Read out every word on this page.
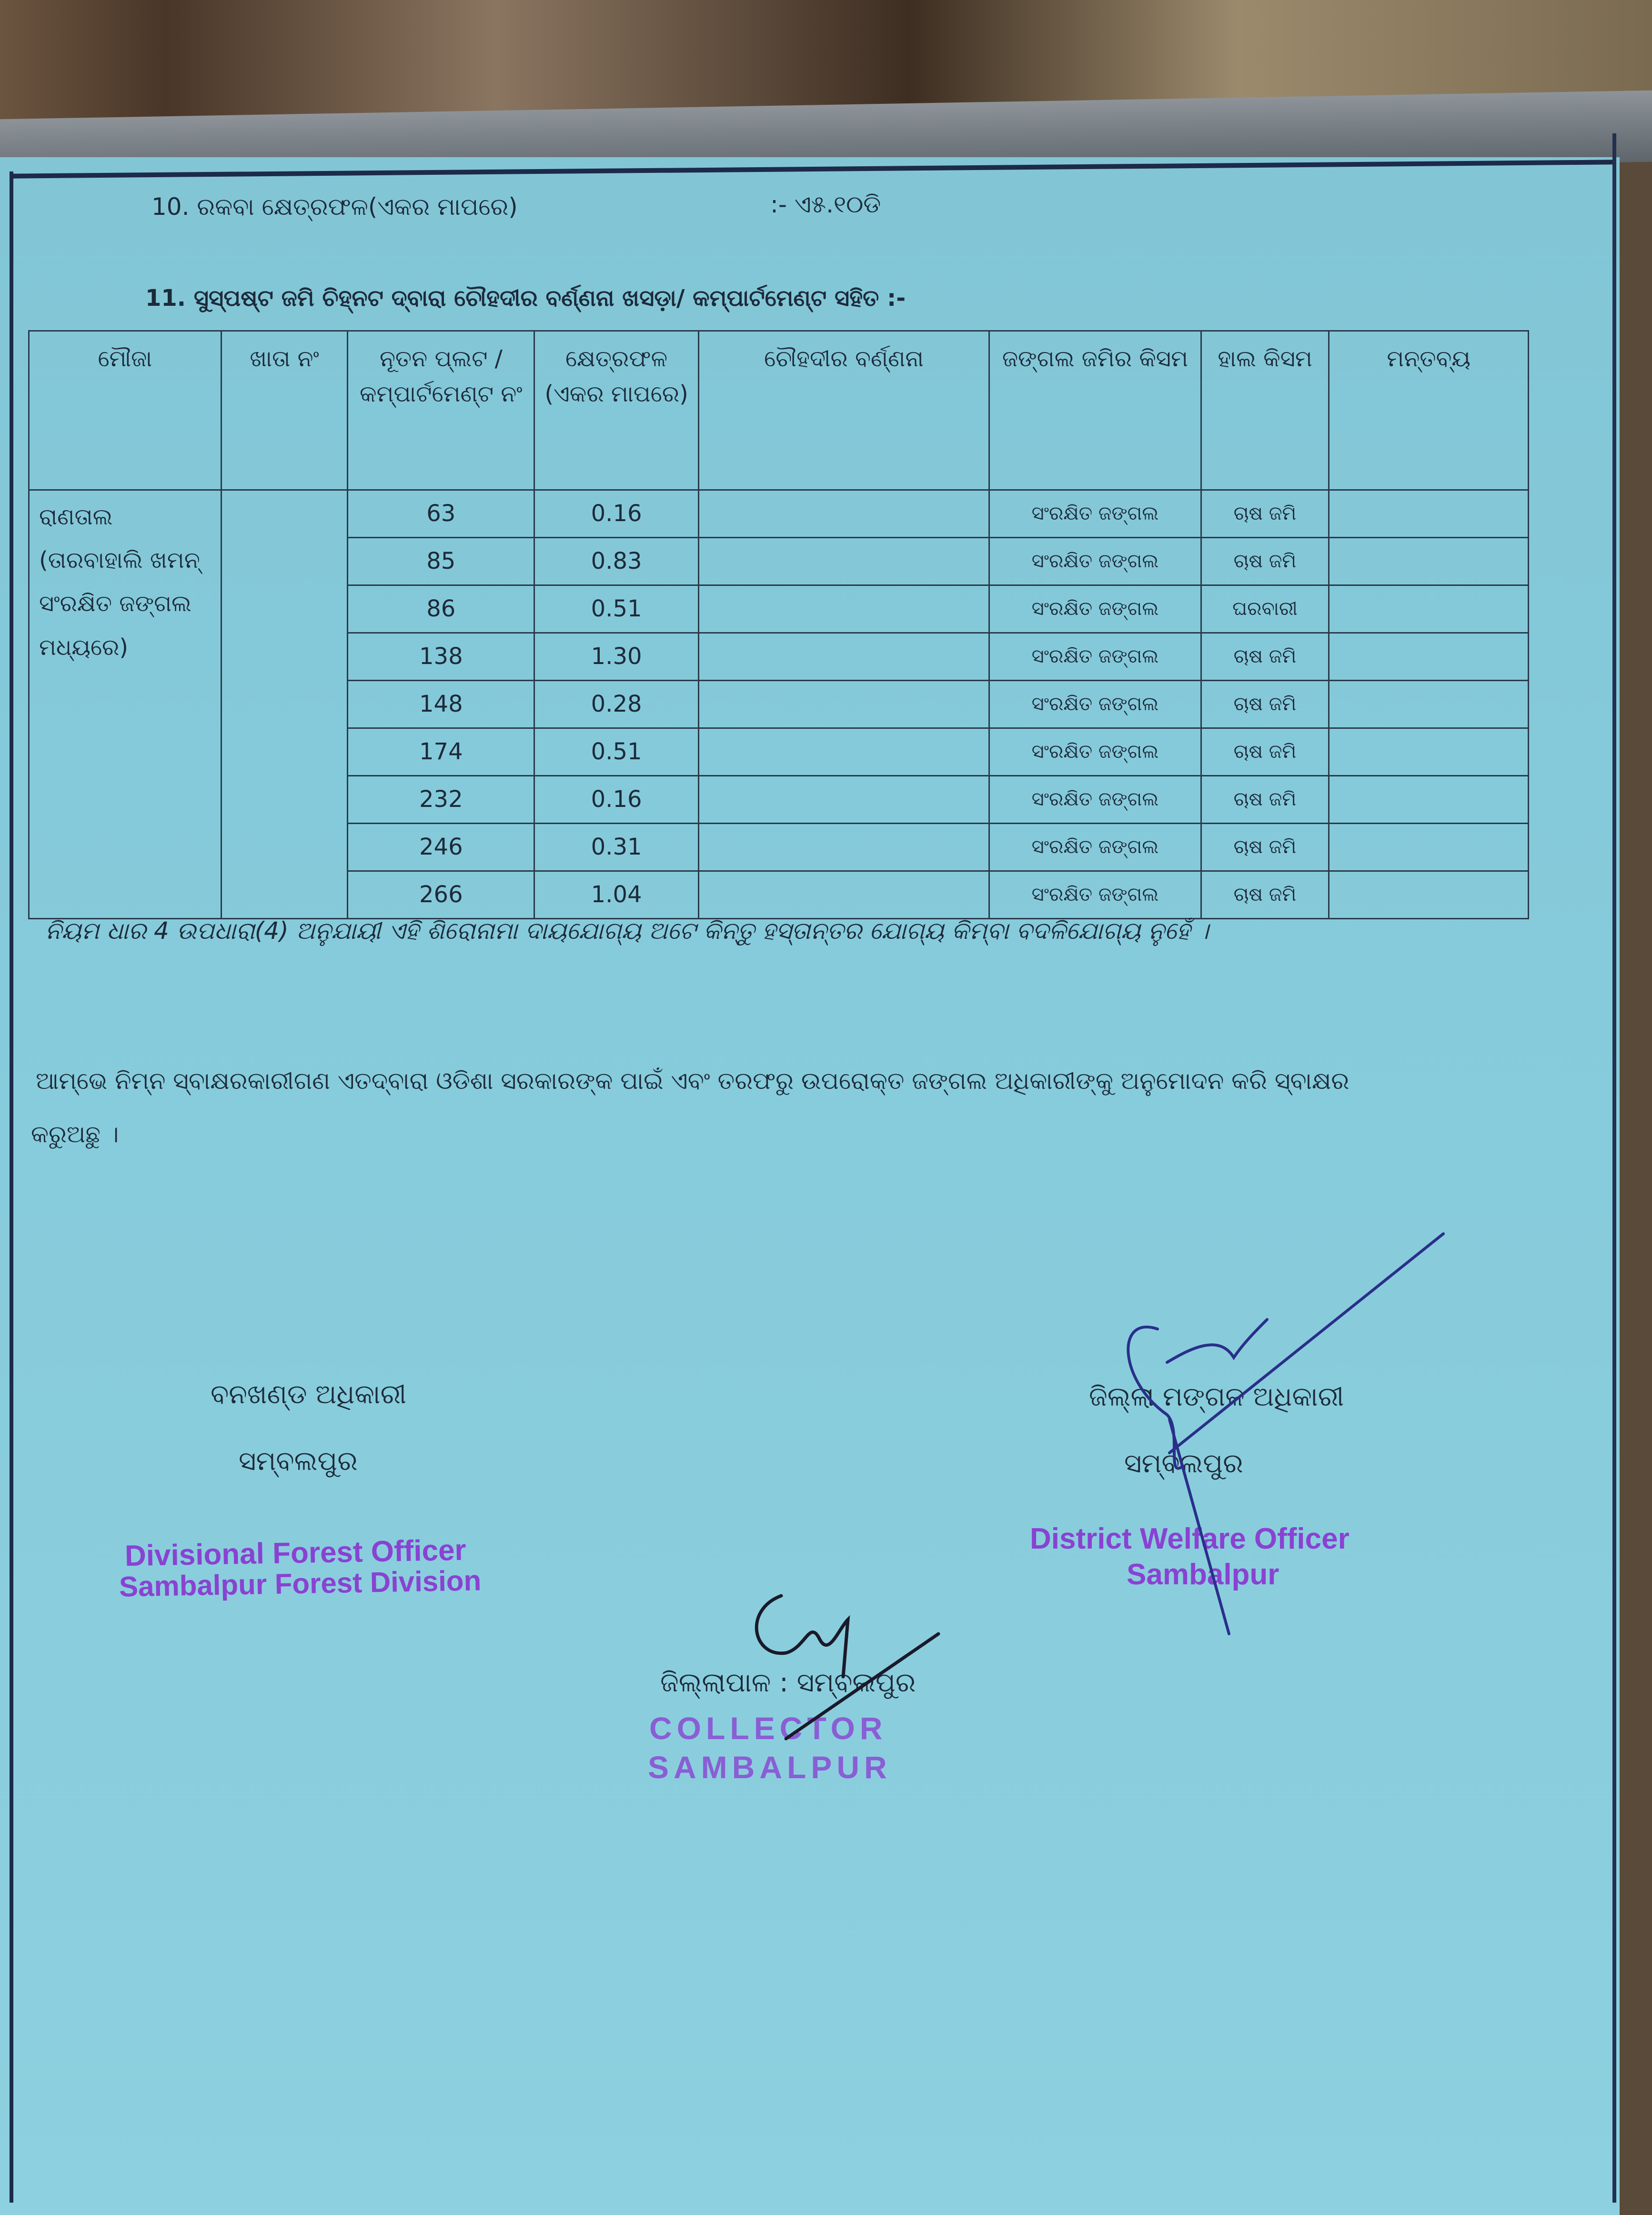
10. ରକବା କ୍ଷେତ୍ରଫଳ(ଏକର ମାପରେ)	:- ଏ୫.୧୦ଡି
11. ସୁସ୍ପଷ୍ଟ ଜମି ଚିହ୍ନଟ ଦ୍ବାରା ଚୌହଦୀର ବର୍ଣ୍ଣନା ଖସଡ଼ା/ କମ୍ପାର୍ଟମେଣ୍ଟ ସହିତ :-
ମୌଜା	ଖାତା ନଂ	ନୂତନ ପ୍ଲଟ / କମ୍ପାର୍ଟମେଣ୍ଟ ନଂ	କ୍ଷେତ୍ରଫଳ (ଏକର ମାପରେ)	ଚୌହଦୀର ବର୍ଣ୍ଣନା	ଜଙ୍ଗଲ ଜମିର କିସମ	ହାଲ କିସମ	ମନ୍ତବ୍ୟ
ରାଣତାଲ (ତାରବାହାଲି ଖମନ୍ ସଂରକ୍ଷିତ ଜଙ୍ଗଲ ମଧ୍ୟରେ)		63	0.16		ସଂରକ୍ଷିତ ଜଙ୍ଗଲ	ଚାଷ ଜମି	
		85	0.83		ସଂରକ୍ଷିତ ଜଙ୍ଗଲ	ଚାଷ ଜମି	
		86	0.51		ସଂରକ୍ଷିତ ଜଙ୍ଗଲ	ଘରବାରୀ	
		138	1.30		ସଂରକ୍ଷିତ ଜଙ୍ଗଲ	ଚାଷ ଜମି	
		148	0.28		ସଂରକ୍ଷିତ ଜଙ୍ଗଲ	ଚାଷ ଜମି	
		174	0.51		ସଂରକ୍ଷିତ ଜଙ୍ଗଲ	ଚାଷ ଜମି	
		232	0.16		ସଂରକ୍ଷିତ ଜଙ୍ଗଲ	ଚାଷ ଜମି	
		246	0.31		ସଂରକ୍ଷିତ ଜଙ୍ଗଲ	ଚାଷ ଜମି	
		266	1.04		ସଂରକ୍ଷିତ ଜଙ୍ଗଲ	ଚାଷ ଜମି	
ନିୟମ ଧାର 4 ଉପଧାରା(4) ଅନୁଯାୟୀ ଏହି ଶିରୋନାମା ଦାୟଯୋଗ୍ୟ ଅଟେ କିନ୍ତୁ ହସ୍ତାନ୍ତର ଯୋଗ୍ୟ କିମ୍ବା ବଦଳିଯୋଗ୍ୟ ନୁହେଁ ।
ଆମ୍ଭେ ନିମ୍ନ ସ୍ବାକ୍ଷରକାରୀଗଣ ଏତଦ୍ବାରା ଓଡିଶା ସରକାରଙ୍କ ପାଇଁ ଏବଂ ତରଫରୁ ଉପରୋକ୍ତ ଜଙ୍ଗଲ ଅଧିକାରୀଙ୍କୁ ଅନୁମୋଦନ କରି ସ୍ବାକ୍ଷର
କରୁଅଛୁ ।
ବନଖଣ୍ଡ ଅଧିକାରୀ
ସମ୍ବଲପୁର
Divisional Forest Officer
Sambalpur Forest Division
ଜିଲ୍ଲା ମଙ୍ଗଳ ଅଧିକାରୀ
ସମ୍ବଲପୁର
District Welfare Officer
Sambalpur
ଜିଲ୍ଲାପାଳ : ସମ୍ବଲପୁର
COLLECTOR
SAMBALPUR
